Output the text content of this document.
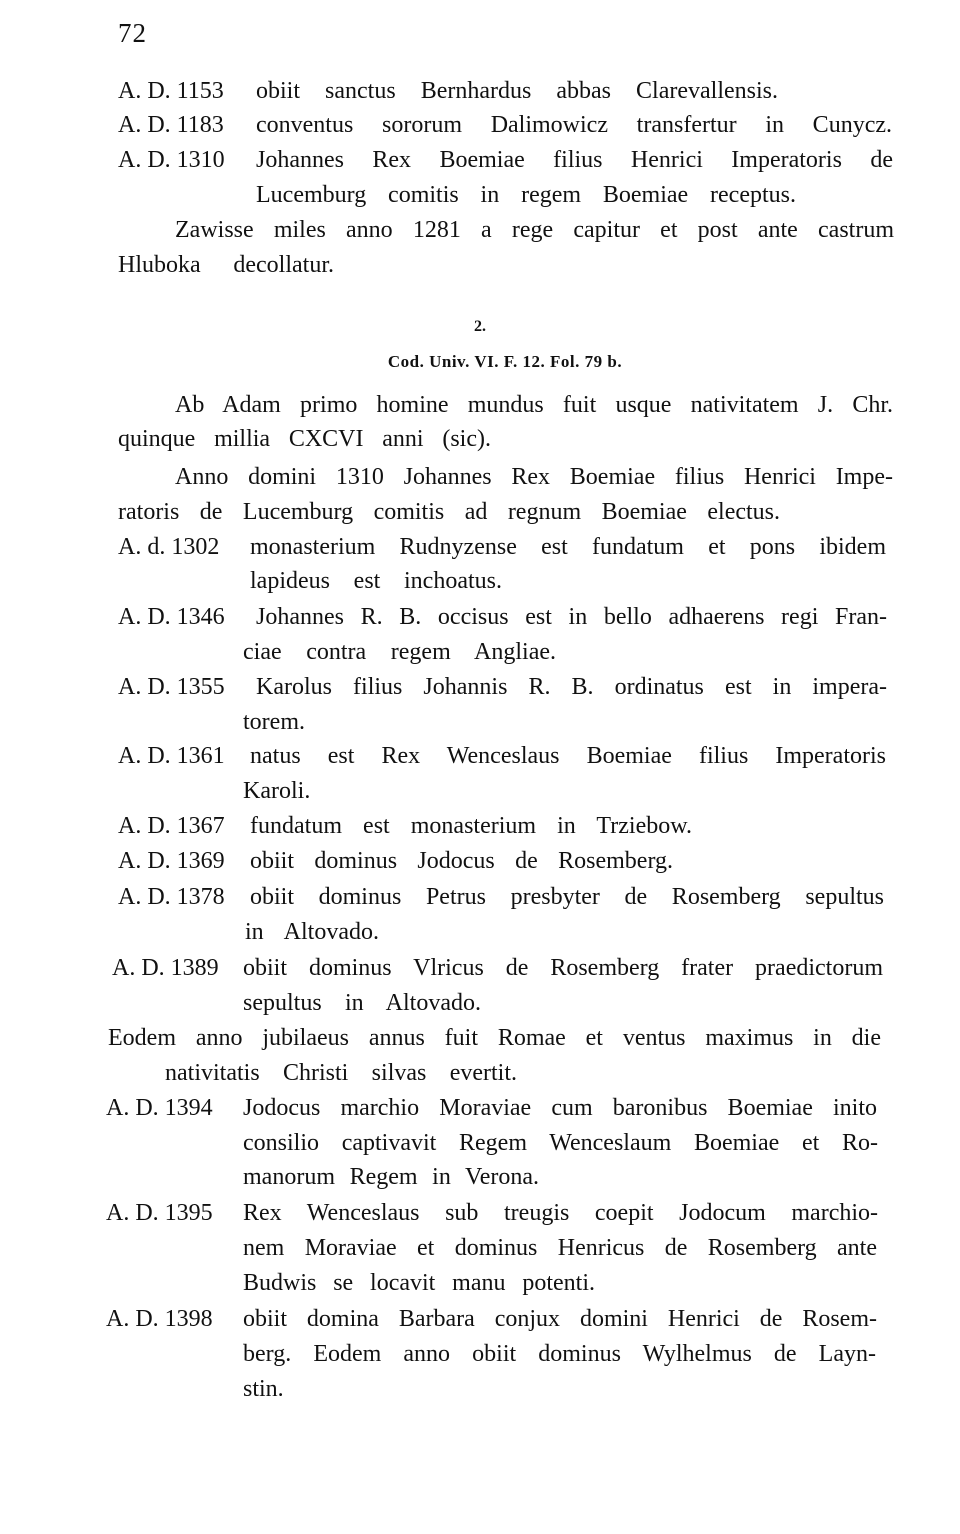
72
A. D. 1153 obiit sanctus Bernhardus abbas Clarevallensis.
A. D. 1183 conventus sororum Dalimowicz transfertur in Cunycz.
A. D. 1310 Johannes Rex Boemiae filius Henrici Imperatoris de
Lucemburg comitis in regem Boemiae receptus.
Zawisse miles anno 1281 a rege capitur et post ante castrum
Hluboka decollatur.
2.
Cod. Univ. VI. F. 12. Fol. 79 b.
Ab Adam primo homine mundus fuit usque nativitatem J. Chr.
quinque millia CXCVI anni (sic).
Anno domini 1310 Johannes Rex Boemiae filius Henrici Impe-
ratoris de Lucemburg comitis ad regnum Boemiae electus.
A. d. 1302 monasterium Rudnyzense est fundatum et pons ibidem
lapideus est inchoatus.
A. D. 1346 Johannes R. B. occisus est in bello adhaerens regi Fran-
ciae contra regem Angliae.
A. D. 1355 Karolus filius Johannis R. B. ordinatus est in impera-
torem.
A. D. 1361 natus est Rex Wenceslaus Boemiae filius Imperatoris
Karoli.
A. D. 1367 fundatum est monasterium in Trziebow.
A. D. 1369 obiit dominus Jodocus de Rosemberg.
A. D. 1378 obiit dominus Petrus presbyter de Rosemberg sepultus
in Altovado.
A. D. 1389 obiit dominus Vlricus de Rosemberg frater praedictorum
sepultus in Altovado.
Eodem anno jubilaeus annus fuit Romae et ventus maximus in die
nativitatis Christi silvas evertit.
A. D. 1394 Jodocus marchio Moraviae cum baronibus Boemiae inito
consilio captivavit Regem Wenceslaum Boemiae et Ro-
manorum Regem in Verona.
A. D. 1395 Rex Wenceslaus sub treugis coepit Jodocum marchio-
nem Moraviae et dominus Henricus de Rosemberg ante
Budwis se locavit manu potenti.
A. D. 1398 obiit domina Barbara conjux domini Henrici de Rosem-
berg. Eodem anno obiit dominus Wylhelmus de Layn-
stin.
